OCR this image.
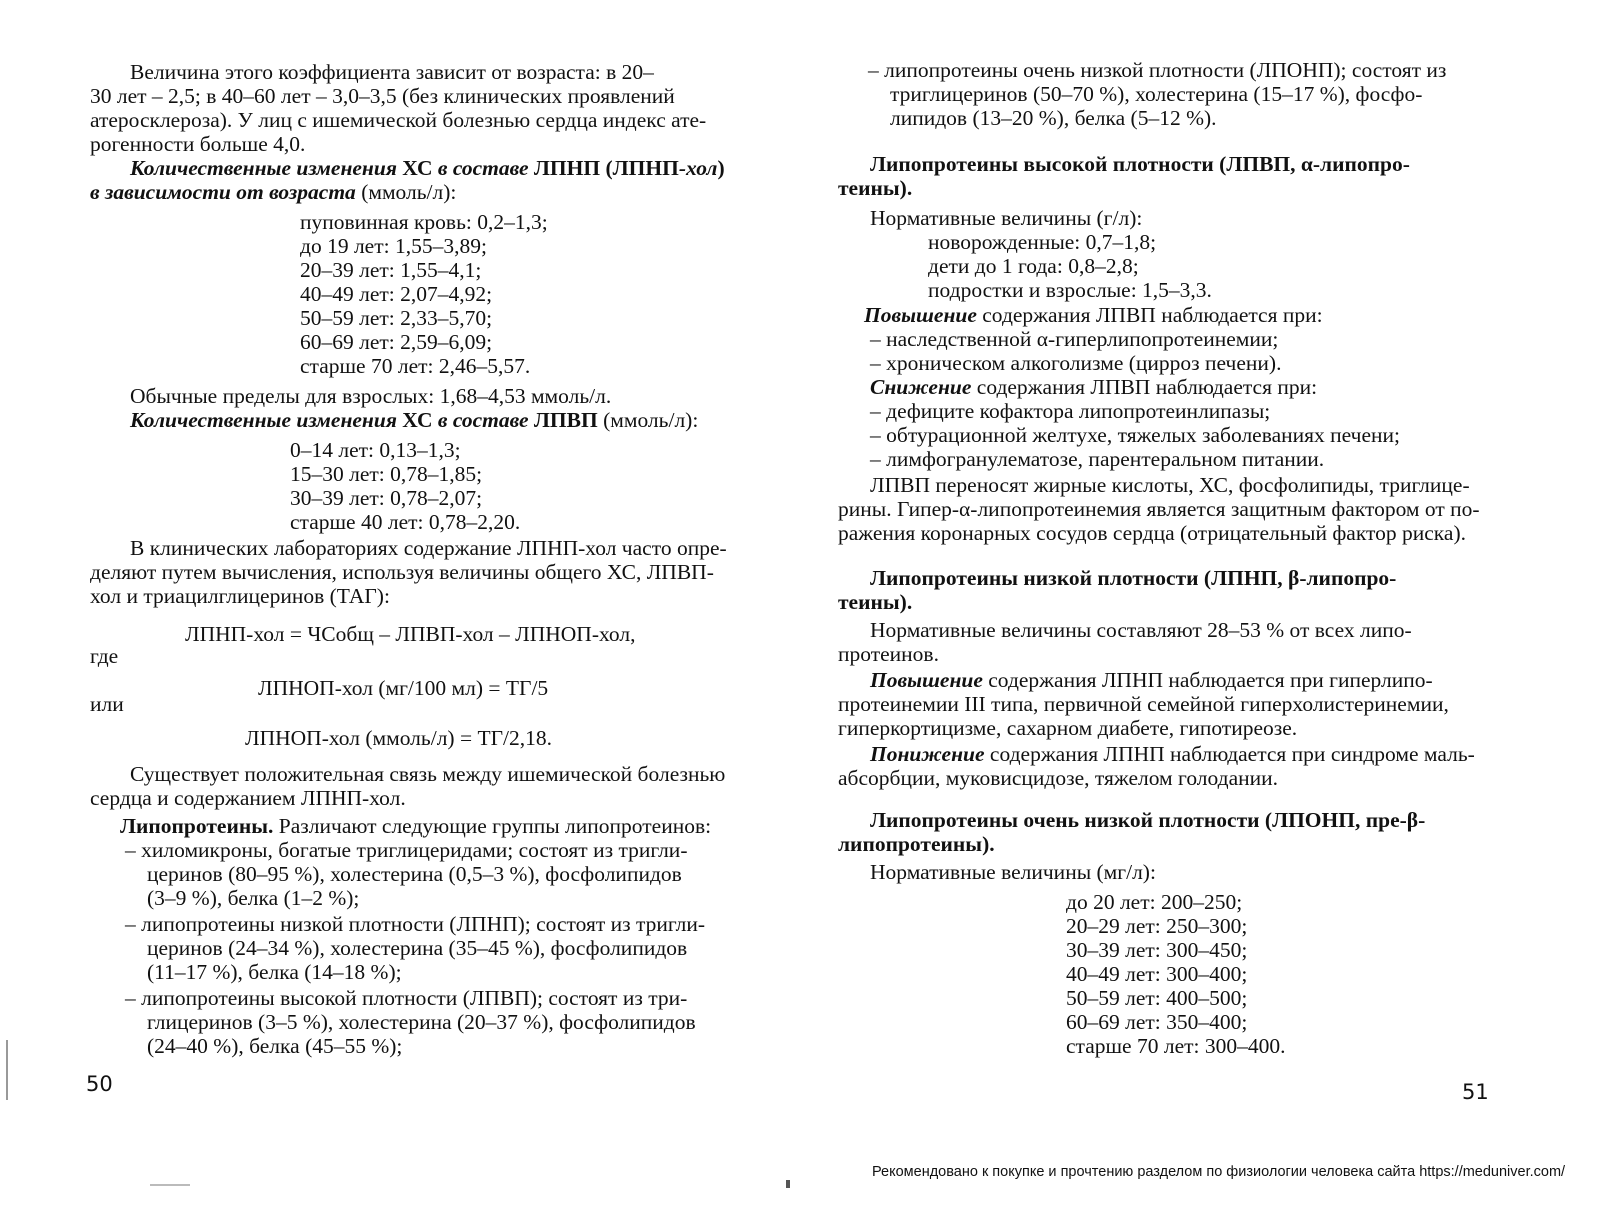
Величина этого коэффициента зависит от возраста: в 20–
30 лет – 2,5; в 40–60 лет – 3,0–3,5 (без клинических проявлений
атеросклероза). У лиц с ишемической болезнью сердца индекс ате-
рогенности больше 4,0.
Количественные изменения ХС в составе ЛПНП (ЛПНП-хол)
в зависимости от возраста (ммоль/л):
пуповинная кровь: 0,2–1,3;
до 19 лет: 1,55–3,89;
20–39 лет: 1,55–4,1;
40–49 лет: 2,07–4,92;
50–59 лет: 2,33–5,70;
60–69 лет: 2,59–6,09;
старше 70 лет: 2,46–5,57.
Обычные пределы для взрослых: 1,68–4,53 ммоль/л.
Количественные изменения ХС в составе ЛПВП (ммоль/л):
0–14 лет: 0,13–1,3;
15–30 лет: 0,78–1,85;
30–39 лет: 0,78–2,07;
старше 40 лет: 0,78–2,20.
В клинических лабораториях содержание ЛПНП-хол часто опре-
деляют путем вычисления, используя величины общего ХС, ЛПВП-
хол и триацилглицеринов (ТАГ):
ЛПНП-хол = ЧСобщ – ЛПВП-хол – ЛПНОП-хол,
где
ЛПНОП-хол (мг/100 мл) = ТГ/5
или
ЛПНОП-хол (ммоль/л) = ТГ/2,18.
Существует положительная связь между ишемической болезнью
сердца и содержанием ЛПНП-хол.
Липопротеины. Различают следующие группы липопротеинов:
– хиломикроны, богатые триглицеридами; состоят из тригли-
церинов (80–95 %), холестерина (0,5–3 %), фосфолипидов
(3–9 %), белка (1–2 %);
– липопротеины низкой плотности (ЛПНП); состоят из тригли-
церинов (24–34 %), холестерина (35–45 %), фосфолипидов
(11–17 %), белка (14–18 %);
– липопротеины высокой плотности (ЛПВП); состоят из три-
глицеринов (3–5 %), холестерина (20–37 %), фосфолипидов
(24–40 %), белка (45–55 %);
50
– липопротеины очень низкой плотности (ЛПОНП); состоят из
триглицеринов (50–70 %), холестерина (15–17 %), фосфо-
липидов (13–20 %), белка (5–12 %).
Липопротеины высокой плотности (ЛПВП, α-липопро-
теины).
Нормативные величины (г/л):
новорожденные: 0,7–1,8;
дети до 1 года: 0,8–2,8;
подростки и взрослые: 1,5–3,3.
Повышение содержания ЛПВП наблюдается при:
– наследственной α-гиперлипопротеинемии;
– хроническом алкоголизме (цирроз печени).
Снижение содержания ЛПВП наблюдается при:
– дефиците кофактора липопротеинлипазы;
– обтурационной желтухе, тяжелых заболеваниях печени;
– лимфогранулематозе, парентеральном питании.
ЛПВП переносят жирные кислоты, ХС, фосфолипиды, триглице-
рины. Гипер-α-липопротеинемия является защитным фактором от по-
ражения коронарных сосудов сердца (отрицательный фактор риска).
Липопротеины низкой плотности (ЛПНП, β-липопро-
теины).
Нормативные величины составляют 28–53 % от всех липо-
протеинов.
Повышение содержания ЛПНП наблюдается при гиперлипо-
протеинемии III типа, первичной семейной гиперхолистеринемии,
гиперкортицизме, сахарном диабете, гипотиреозе.
Понижение содержания ЛПНП наблюдается при синдроме маль-
абсорбции, муковисцидозе, тяжелом голодании.
Липопротеины очень низкой плотности (ЛПОНП, пре-β-
липопротеины).
Нормативные величины (мг/л):
до 20 лет: 200–250;
20–29 лет: 250–300;
30–39 лет: 300–450;
40–49 лет: 300–400;
50–59 лет: 400–500;
60–69 лет: 350–400;
старше 70 лет: 300–400.
51
Рекомендовано к покупке и прочтению разделом по физиологии человека сайта https://meduniver.com/
